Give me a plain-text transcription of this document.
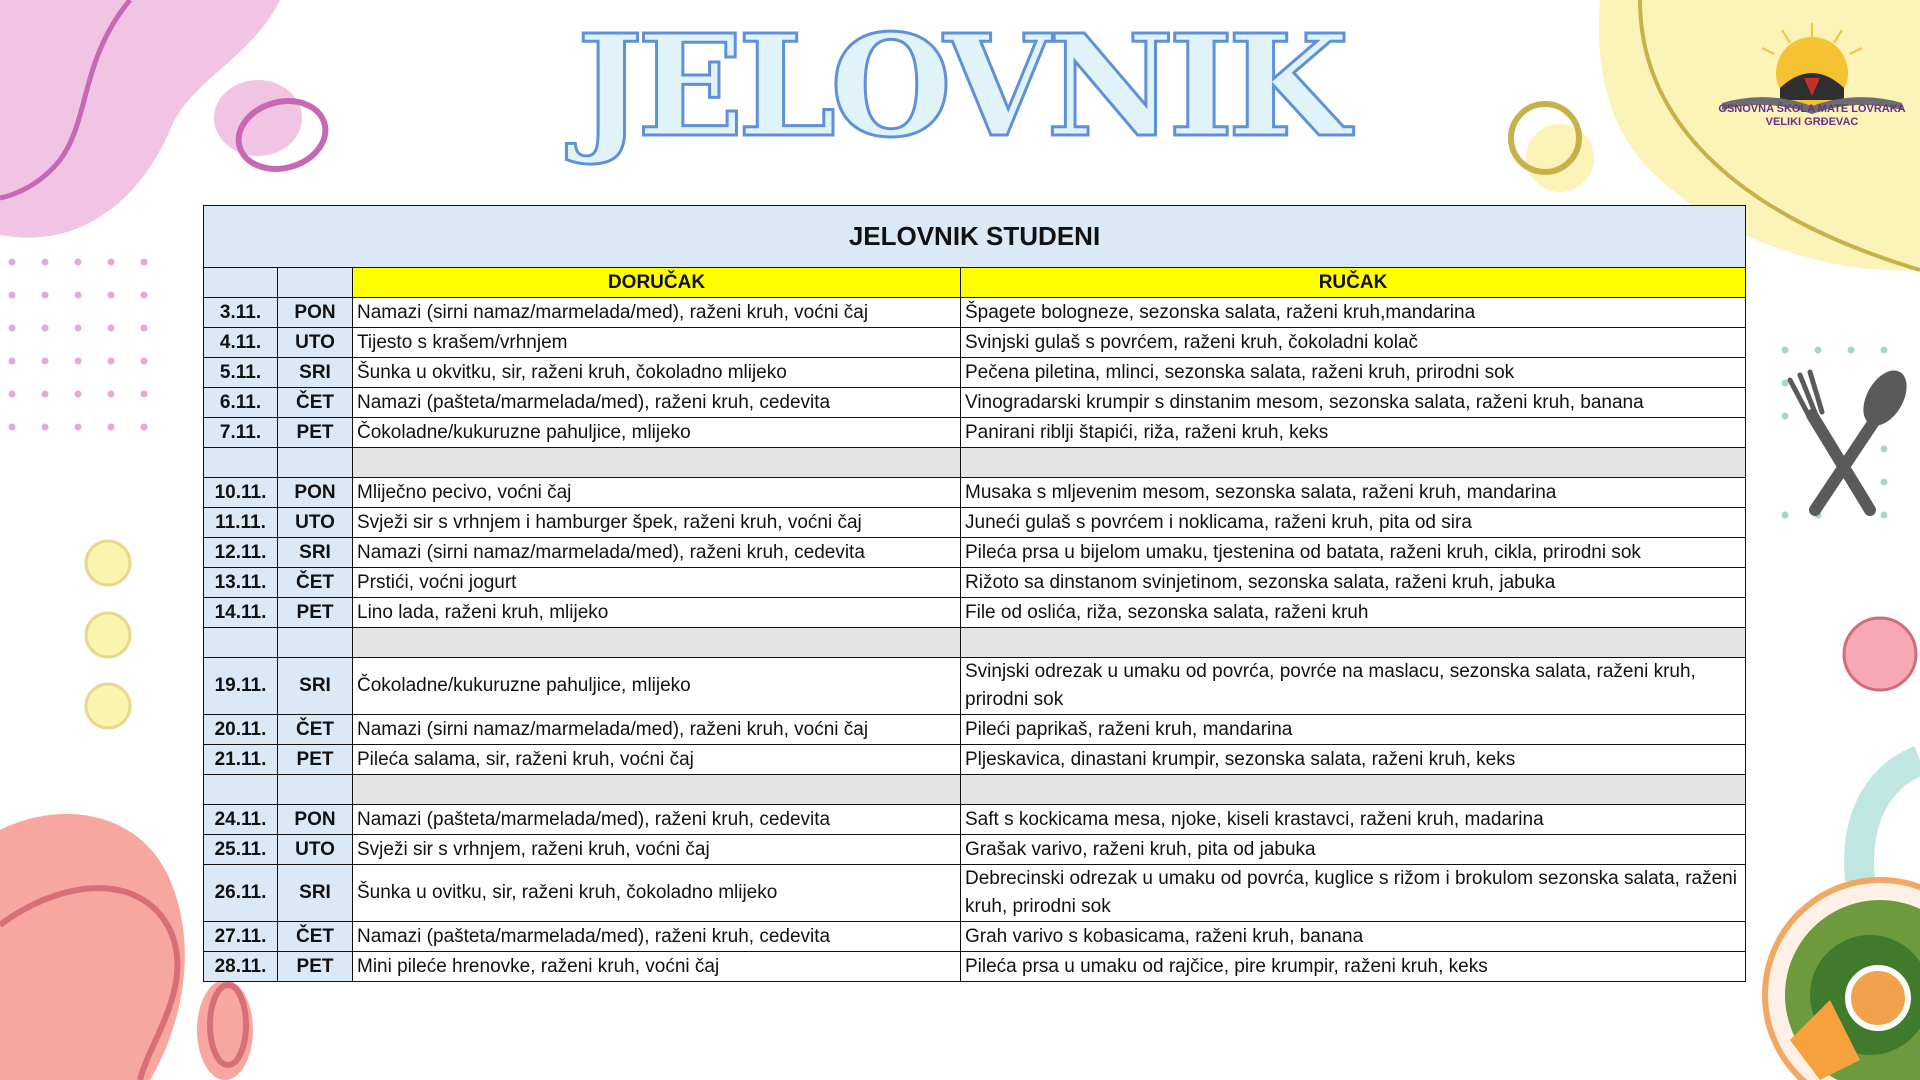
JELOVNIK	OSNOVNA ŠKOLA MATE LOVRAKA
VELIKI GRĐEVAC
JELOVNIK STUDENI			
		DORUČAK	RUČAK
3.11.	PON	Namazi (sirni namaz/marmelada/med), raženi kruh, voćni čaj	Špagete bolognеze, sezonska salata, raženi kruh,mandarina
4.11.	UTO	Tijesto s krašem/vrhnjem	Svinjski gulaš s povrćem, raženi kruh, čokoladni kolač
5.11.	SRI	Šunka u okvitku, sir, raženi kruh, čokoladno mlijeko	Pečena piletina, mlinci, sezonska salata, raženi kruh, prirodni sok
6.11.	ČET	Namazi (pašteta/marmelada/med), raženi kruh, cedevita	Vinogradarski krumpir s dinstanim mesom, sezonska salata, raženi kruh, banana
7.11.	PET	Čokoladne/kukuruzne pahuljice, mlijeko	Panirani riblji štapići, riža, raženi kruh, keks

10.11.	PON	Mliječno pecivo, voćni čaj	Musaka s mljevenim mesom, sezonska salata, raženi kruh, mandarina
11.11.	UTO	Svježi sir s vrhnjem i hamburger špek, raženi kruh, voćni čaj	Juneći gulaš s povrćem i noklicama, raženi kruh, pita od sira
12.11.	SRI	Namazi (sirni namaz/marmelada/med), raženi kruh, cedevita	Pileća prsa u bijelom umaku, tjestenina od batata, raženi kruh, cikla, prirodni sok
13.11.	ČET	Prstići, voćni jogurt	Rižoto sa dinstanom svinjetinom, sezonska salata, raženi kruh, jabuka
14.11.	PET	Lino lada, raženi kruh, mlijeko	File od oslića, riža, sezonska salata, raženi kruh

19.11.	SRI	Čokoladne/kukuruzne pahuljice, mlijeko	Svinjski odrezak u umaku od povrća, povrće na maslacu, sezonska salata, raženi kruh, prirodni sok
20.11.	ČET	Namazi (sirni namaz/marmelada/med), raženi kruh, voćni čaj	Pileći paprikaš, raženi kruh, mandarina
21.11.	PET	Pileća salama, sir, raženi kruh, voćni čaj	Pljeskavica, dinastani krumpir, sezonska salata, raženi kruh, keks

24.11.	PON	Namazi (pašteta/marmelada/med), raženi kruh, cedevita	Saft s kockicama mesa, njoke, kiseli krastavci, raženi kruh, madarina
25.11.	UTO	Svježi sir s vrhnjem, raženi kruh, voćni čaj	Grašak varivo, raženi kruh, pita od jabuka
26.11.	SRI	Šunka u ovitku, sir, raženi kruh, čokoladno mlijeko	Debrecinski odrezak u umaku od povrća, kuglice s rižom i brokulom sezonska salata, raženi kruh, prirodni sok
27.11.	ČET	Namazi (pašteta/marmelada/med), raženi kruh, cedevita	Grah varivo s kobasicama, raženi kruh, banana
28.11.	PET	Mini pileće hrenovke, raženi kruh, voćni čaj	Pileća prsa u umaku od rajčice, pire krumpir, raženi kruh, keks
